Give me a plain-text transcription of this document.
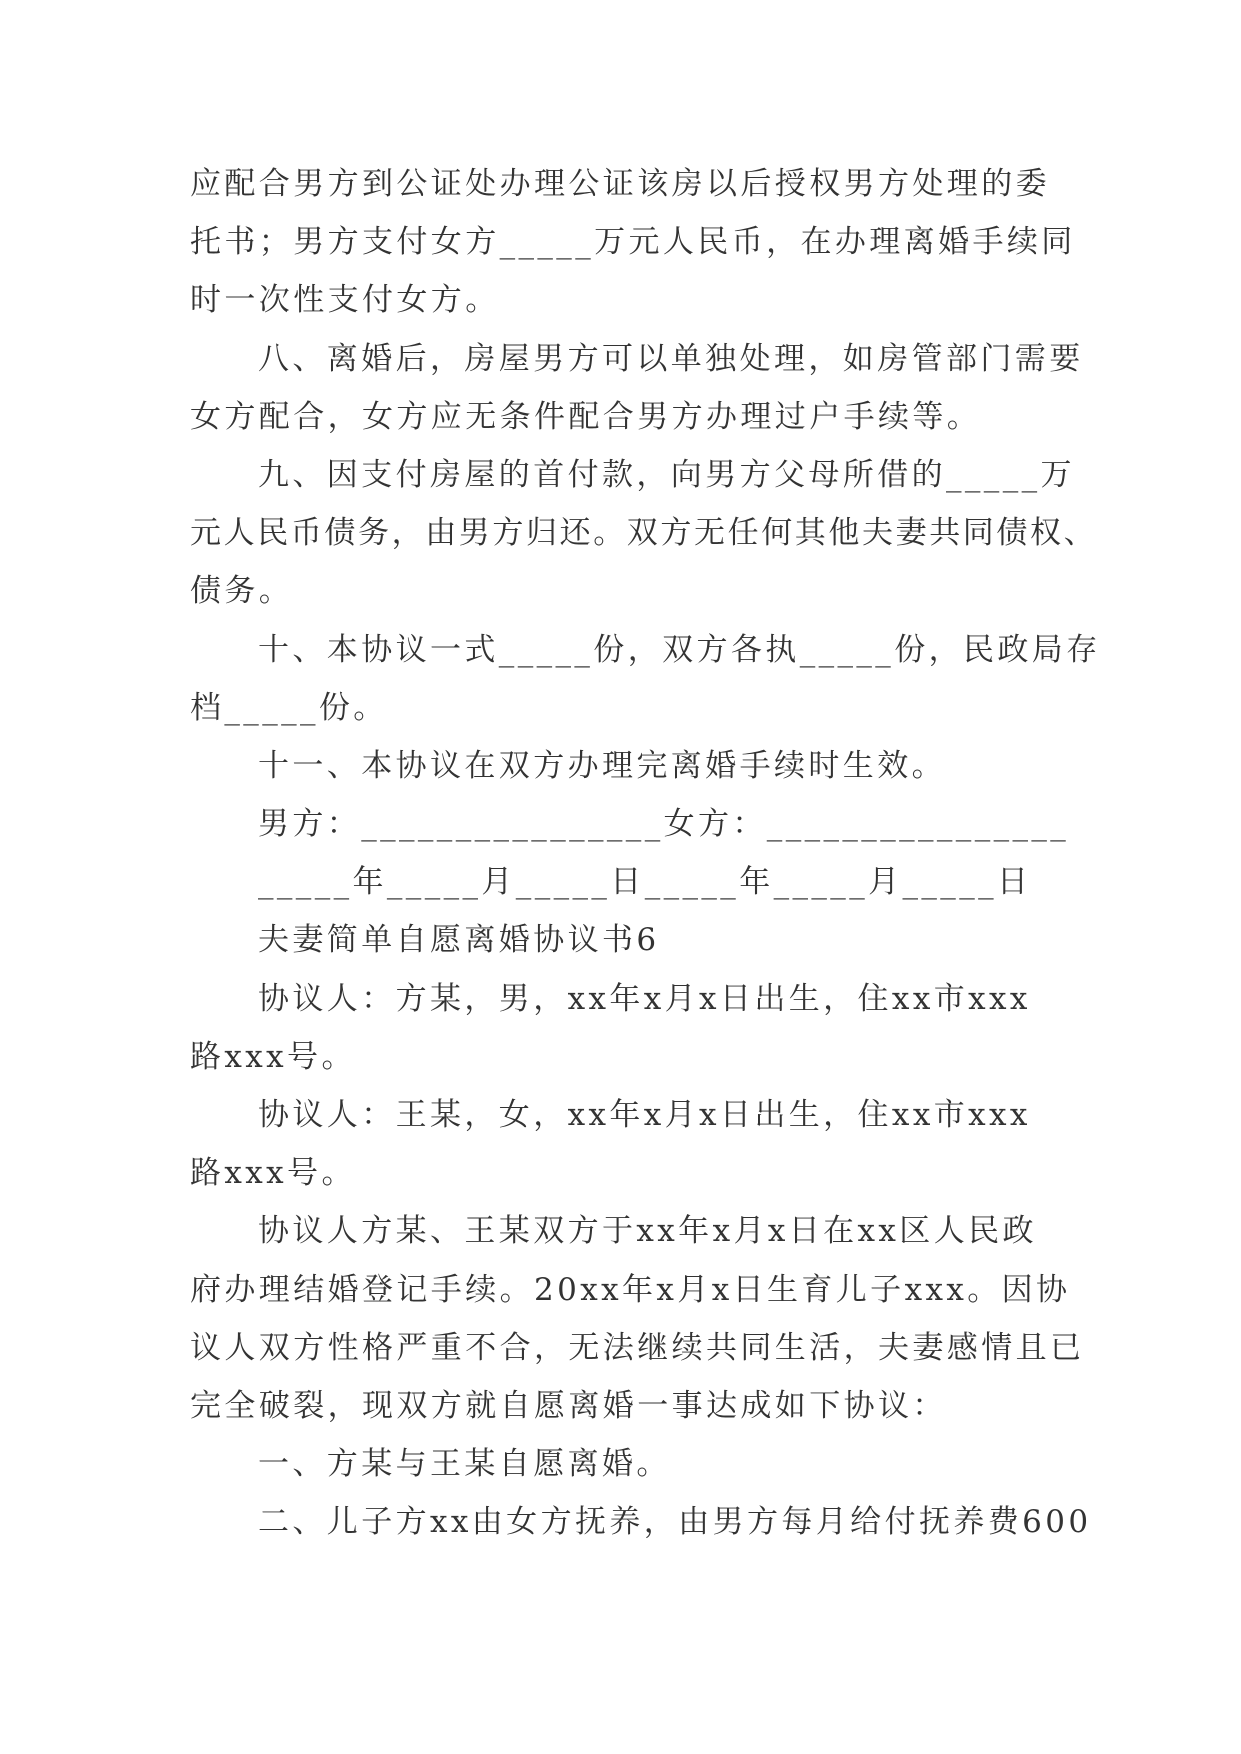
应配合男方到公证处办理公证该房以后授权男方处理的委
托书；男方支付女方_____万元人民币，在办理离婚手续同
时一次性支付女方。
八、离婚后，房屋男方可以单独处理，如房管部门需要
女方配合，女方应无条件配合男方办理过户手续等。
九、因支付房屋的首付款，向男方父母所借的_____万
元人民币债务，由男方归还。双方无任何其他夫妻共同债权、
债务。
十、本协议一式_____份，双方各执_____份，民政局存
档_____份。
十一、本协议在双方办理完离婚手续时生效。
男方：________________女方：________________
_____年_____月_____日_____年_____月_____日
夫妻简单自愿离婚协议书6
协议人：方某，男，xx年x月x日出生，住xx市xxx
路xxx号。
协议人：王某，女，xx年x月x日出生，住xx市xxx
路xxx号。
协议人方某、王某双方于xx年x月x日在xx区人民政
府办理结婚登记手续。20xx年x月x日生育儿子xxx。因协
议人双方性格严重不合，无法继续共同生活，夫妻感情且已
完全破裂，现双方就自愿离婚一事达成如下协议：
一、方某与王某自愿离婚。
二、儿子方xx由女方抚养，由男方每月给付抚养费600
